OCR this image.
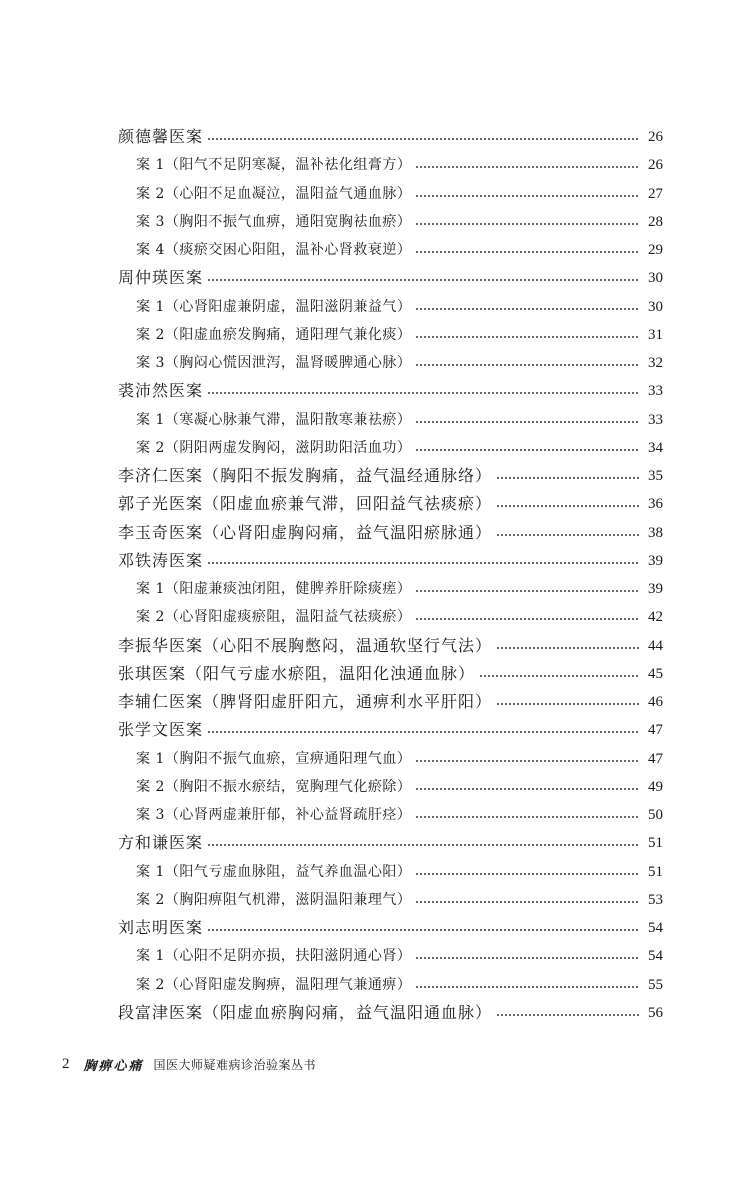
颜德馨医案	26
案 1（阳气不足阴寒凝，温补祛化组膏方）	26
案 2（心阳不足血凝泣，温阳益气通血脉）	27
案 3（胸阳不振气血痹，通阳宽胸祛血瘀）	28
案 4（痰瘀交困心阳阻，温补心肾救衰逆）	29
周仲瑛医案	30
案 1（心肾阳虚兼阴虚，温阳滋阴兼益气）	30
案 2（阳虚血瘀发胸痛，通阳理气兼化痰）	31
案 3（胸闷心慌因泄泻，温肾暖脾通心脉）	32
裘沛然医案	33
案 1（寒凝心脉兼气滞，温阳散寒兼祛瘀）	33
案 2（阴阳两虚发胸闷，滋阴助阳活血功）	34
李济仁医案（胸阳不振发胸痛，益气温经通脉络）	35
郭子光医案（阳虚血瘀兼气滞，回阳益气祛痰瘀）	36
李玉奇医案（心肾阳虚胸闷痛，益气温阳瘀脉通）	38
邓铁涛医案	39
案 1（阳虚兼痰浊闭阻，健脾养肝除痰瘥）	39
案 2（心肾阳虚痰瘀阻，温阳益气祛痰瘀）	42
李振华医案（心阳不展胸憋闷，温通软坚行气法）	44
张琪医案（阳气亏虚水瘀阻，温阳化浊通血脉）	45
李辅仁医案（脾肾阳虚肝阳亢，通痹利水平肝阳）	46
张学文医案	47
案 1（胸阳不振气血瘀，宣痹通阳理气血）	47
案 2（胸阳不振水瘀结，宽胸理气化瘀除）	49
案 3（心肾两虚兼肝郁，补心益肾疏肝痉）	50
方和谦医案	51
案 1（阳气亏虚血脉阻，益气养血温心阳）	51
案 2（胸阳痹阻气机滞，滋阴温阳兼理气）	53
刘志明医案	54
案 1（心阳不足阴亦损，扶阳滋阴通心肾）	54
案 2（心肾阳虚发胸痹，温阳理气兼通痹）	55
段富津医案（阳虚血瘀胸闷痛，益气温阳通血脉）	56
2 胸痹心痛 国医大师疑难病诊治验案丛书
